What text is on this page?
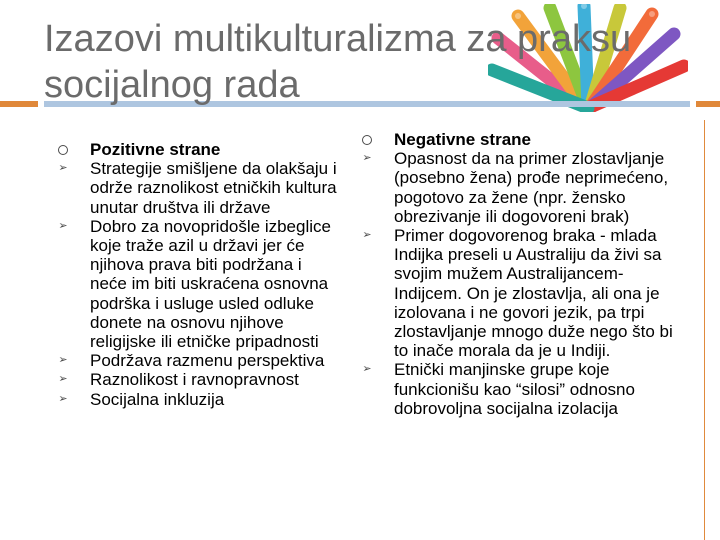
Izazovi multikulturalizma za praksu
socijalnog rada
Pozitivne strane
➢ Strategije smišljene da olakšaju i održe raznolikost etničkih kultura unutar društva ili države
➢ Dobro za novopridošle izbeglice koje traže azil u državi jer će njihova prava biti podržana i neće im biti uskraćena osnovna podrška i usluge usled odluke donete na osnovu njihove religijske ili etničke pripadnosti
➢ Podržava razmenu perspektiva
➢ Raznolikost i ravnopravnost
➢ Socijalna inkluzija
Negativne strane
➢ Opasnost da na primer zlostavljanje (posebno žena) prođe neprimećeno, pogotovo za žene (npr. žensko obrezivanje ili dogovoreni brak)
➢ Primer dogovorenog braka - mlada Indijka preseli u Australiju da živi sa svojim mužem Australijancem-Indijcem. On je zlostavlja, ali ona je izolovana i ne govori jezik, pa trpi zlostavljanje mnogo duže nego što bi to inače morala da je u Indiji.
➢ Etnički manjinske grupe koje funkcionišu kao “silosi” odnosno dobrovoljna socijalna izolacija
